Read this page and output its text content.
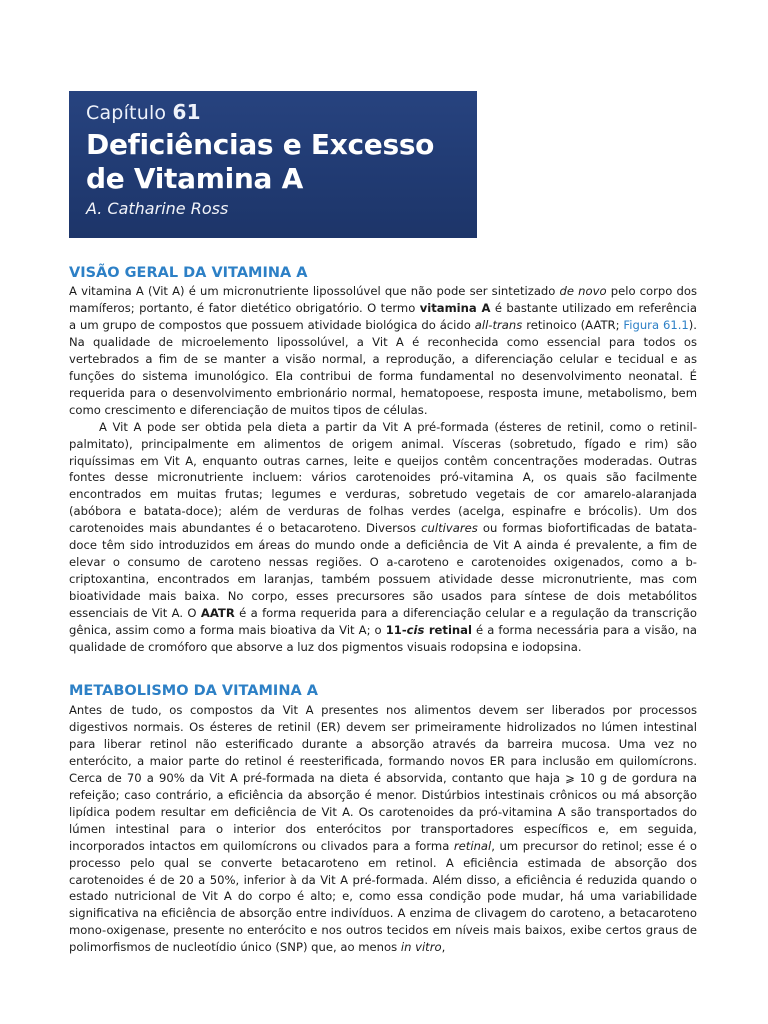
Capítulo 61
Deficiências e Excesso
de Vitamina A
A. Catharine Ross
VISÃO GERAL DA VITAMINA A

A vitamina A (Vit A) é um micronutriente lipossolúvel que não pode ser sintetizado de novo pelo corpo dos mamíferos; portanto, é fator dietético obrigatório. O termo vitamina A é bastante utilizado em referência a um grupo de compostos que possuem atividade biológica do ácido all-trans retinoico (AATR; Figura 61.1). Na qualidade de microelemento lipossolúvel, a Vit A é reconhecida como essencial para todos os vertebrados a fim de se manter a visão normal, a reprodução, a diferenciação celular e tecidual e as funções do sistema imunológico. Ela contribui de forma fundamental no desenvolvimento neonatal. É requerida para o desenvolvimento embrionário normal, hematopoese, resposta imune, metabolismo, bem como crescimento e diferenciação de muitos tipos de células.

A Vit A pode ser obtida pela dieta a partir da Vit A pré-formada (ésteres de retinil, como o retinil-palmitato), principalmente em alimentos de origem animal. Vísceras (sobretudo, fígado e rim) são riquíssimas em Vit A, enquanto outras carnes, leite e queijos contêm concentrações moderadas. Outras fontes desse micronutriente incluem: vários carotenoides pró-vitamina A, os quais são facilmente encontrados em muitas frutas; legumes e verduras, sobretudo vegetais de cor amarelo-alaranjada (abóbora e batata-doce); além de verduras de folhas verdes (acelga, espinafre e brócolis). Um dos carotenoides mais abundantes é o betacaroteno. Diversos cultivares ou formas biofortificadas de batata-doce têm sido introduzidos em áreas do mundo onde a deficiência de Vit A ainda é prevalente, a fim de elevar o consumo de caroteno nessas regiões. O a-caroteno e carotenoides oxigenados, como a b-criptoxantina, encontrados em laranjas, também possuem atividade desse micronutriente, mas com bioatividade mais baixa. No corpo, esses precursores são usados para síntese de dois metabólitos essenciais de Vit A. O AATR é a forma requerida para a diferenciação celular e a regulação da transcrição gênica, assim como a forma mais bioativa da Vit A; o 11-cis retinal é a forma necessária para a visão, na qualidade de cromóforo que absorve a luz dos pigmentos visuais rodopsina e iodopsina.

METABOLISMO DA VITAMINA A

Antes de tudo, os compostos da Vit A presentes nos alimentos devem ser liberados por processos digestivos normais. Os ésteres de retinil (ER) devem ser primeiramente hidrolizados no lúmen intestinal para liberar retinol não esterificado durante a absorção através da barreira mucosa. Uma vez no enterócito, a maior parte do retinol é reesterificada, formando novos ER para inclusão em quilomícrons. Cerca de 70 a 90% da Vit A pré-formada na dieta é absorvida, contanto que haja ⩾ 10 g de gordura na refeição; caso contrário, a eficiência da absorção é menor. Distúrbios intestinais crônicos ou má absorção lipídica podem resultar em deficiência de Vit A. Os carotenoides da pró-vitamina A são transportados do lúmen intestinal para o interior dos enterócitos por transportadores específicos e, em seguida, incorporados intactos em quilomícrons ou clivados para a forma retinal, um precursor do retinol; esse é o processo pelo qual se converte betacaroteno em retinol. A eficiência estimada de absorção dos carotenoides é de 20 a 50%, inferior à da Vit A pré-formada. Além disso, a eficiência é reduzida quando o estado nutricional de Vit A do corpo é alto; e, como essa condição pode mudar, há uma variabilidade significativa na eficiência de absorção entre indivíduos. A enzima de clivagem do caroteno, a betacaroteno mono-oxigenase, presente no enterócito e nos outros tecidos em níveis mais baixos, exibe certos graus de polimorfismos de nucleotídio único (SNP) que, ao menos in vitro,
